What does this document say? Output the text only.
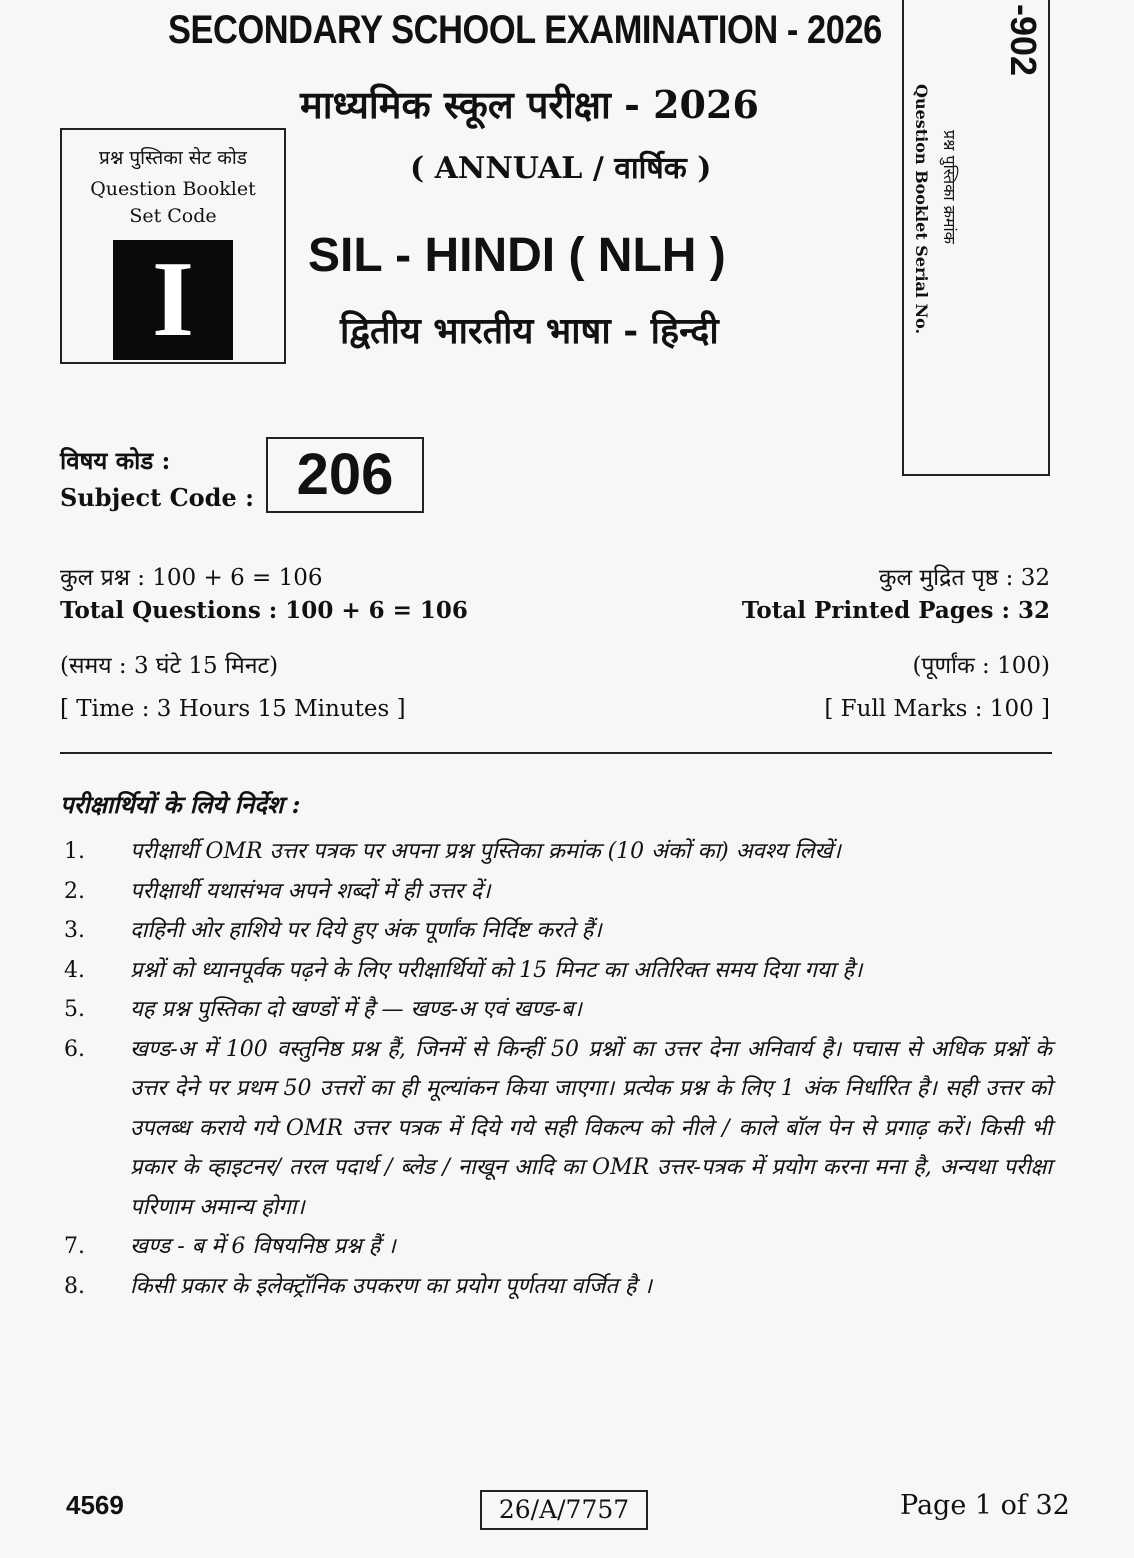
SECONDARY SCHOOL EXAMINATION - 2026
माध्यमिक स्कूल परीक्षा - 2026
( ANNUAL / वार्षिक )
SIL - HINDI ( NLH )
द्वितीय भारतीय भाषा - हिन्दी
प्रश्न पुस्तिका सेट कोड
Question Booklet
Set Code
I
-902
Question Booklet Serial No. प्रश्न पुस्तिका क्रमांक
विषय कोड :
Subject Code : 206
कुल प्रश्न : 100 + 6 = 106	कुल मुद्रित पृष्ठ : 32
Total Questions : 100 + 6 = 106	Total Printed Pages : 32
(समय : 3 घंटे 15 मिनट)	(पूर्णांक : 100)
[ Time : 3 Hours 15 Minutes ]	[ Full Marks : 100 ]
परीक्षार्थियों के लिये निर्देश :
1.	परीक्षार्थी OMR उत्तर पत्रक पर अपना प्रश्न पुस्तिका क्रमांक (10 अंकों का) अवश्य लिखें।
2.	परीक्षार्थी यथासंभव अपने शब्दों में ही उत्तर दें।
3.	दाहिनी ओर हाशिये पर दिये हुए अंक पूर्णांक निर्दिष्ट करते हैं।
4.	प्रश्नों को ध्यानपूर्वक पढ़ने के लिए परीक्षार्थियों को 15 मिनट का अतिरिक्त समय दिया गया है।
5.	यह प्रश्न पुस्तिका दो खण्डों में है — खण्ड-अ एवं खण्ड-ब।
6.	खण्ड-अ में 100 वस्तुनिष्ठ प्रश्न हैं, जिनमें से किन्हीं 50 प्रश्नों का उत्तर देना अनिवार्य है। पचास से अधिक प्रश्नों के उत्तर देने पर प्रथम 50 उत्तरों का ही मूल्यांकन किया जाएगा। प्रत्येक प्रश्न के लिए 1 अंक निर्धारित है। सही उत्तर को उपलब्ध कराये गये OMR उत्तर पत्रक में दिये गये सही विकल्प को नीले / काले बॉल पेन से प्रगाढ़ करें। किसी भी प्रकार के व्हाइटनर/ तरल पदार्थ / ब्लेड / नाखून आदि का OMR उत्तर-पत्रक में प्रयोग करना मना है, अन्यथा परीक्षा परिणाम अमान्य होगा।
7.	खण्ड - ब में 6 विषयनिष्ठ प्रश्न हैं ।
8.	किसी प्रकार के इलेक्ट्रॉनिक उपकरण का प्रयोग पूर्णतया वर्जित है ।
4569	26/A/7757	Page 1 of 32
